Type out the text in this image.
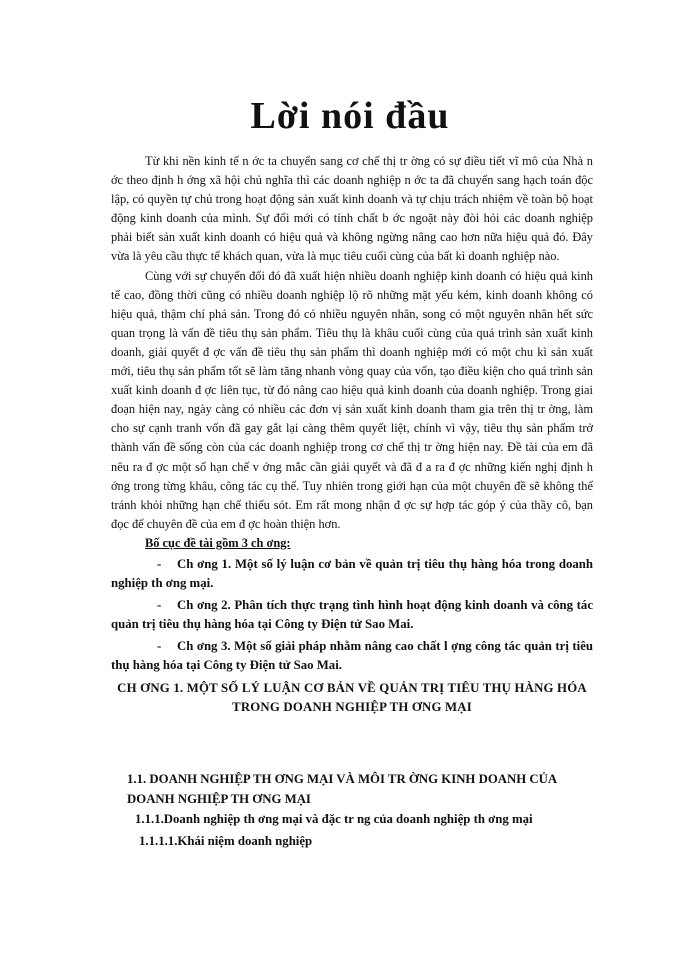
Lời nói đầu

Từ khi nền kinh tế n ớc ta chuyển sang cơ chế thị tr ờng có sự điều tiết vĩ mô của Nhà n ớc theo định h ớng xã hội chủ nghĩa thì các doanh nghiệp n ớc ta đã chuyển sang hạch toán độc lập, có quyền tự chủ trong hoạt động sản xuất kinh doanh và tự chịu trách nhiệm về toàn bộ hoạt động kinh doanh của mình. Sự đổi mới có tính chất b ớc ngoặt này đòi hỏi các doanh nghiệp phải biết sản xuất kinh doanh có hiệu quả và không ngừng nâng cao hơn nữa hiệu quả đó. Đây vừa là yêu cầu thực tế khách quan, vừa là mục tiêu cuối cùng của bất kì doanh nghiệp nào.

Cùng với sự chuyển đổi đó đã xuất hiện nhiều doanh nghiệp kinh doanh có hiệu quả kinh tế cao, đồng thời cũng có nhiều doanh nghiệp lộ rõ những mặt yếu kém, kinh doanh không có hiệu quả, thậm chí phá sản. Trong đó có nhiều nguyên nhân, song có một nguyên nhân hết sức quan trọng là vấn đề tiêu thụ sản phẩm. Tiêu thụ là khâu cuối cùng của quá trình sản xuất kinh doanh, giải quyết đ ợc vấn đề tiêu thụ sản phẩm thì doanh nghiệp mới có một chu kì sản xuất mới, tiêu thụ sản phẩm tốt sẽ làm tăng nhanh vòng quay của vốn, tạo điều kiện cho quá trình sản xuất kinh doanh đ ợc liên tục, từ đó nâng cao hiệu quả kinh doanh của doanh nghiệp. Trong giai đoạn hiện nay, ngày càng có nhiều các đơn vị sản xuất kinh doanh tham gia trên thị tr ờng, làm cho sự cạnh tranh vốn đã gay gắt lại càng thêm quyết liệt, chính vì vậy, tiêu thụ sản phẩm trở thành vấn đề sống còn của các doanh nghiệp trong cơ chế thị tr ờng hiện nay. Đề tài của em đã nêu ra đ ợc một số hạn chế v ớng mắc cần giải quyết và đã đ a ra đ ợc những kiến nghị định h ớng trong từng khâu, công tác cụ thể. Tuy nhiên trong giới hạn của một chuyên đề sẽ không thể tránh khỏi những hạn chế thiếu sót. Em rất mong nhận đ ợc sự hợp tác góp ý của thầy cô, bạn đọc để chuyên đề của em đ ợc hoàn thiện hơn.

Bố cục đề tài gồm 3 ch ơng:
- Ch ơng 1. Một số lý luận cơ bản về quản trị tiêu thụ hàng hóa trong doanh nghiệp th ơng mại.
- Ch ơng 2. Phân tích thực trạng tình hình hoạt động kinh doanh và công tác quản trị tiêu thụ hàng hóa tại Công ty Điện tử Sao Mai.
- Ch ơng 3. Một số giải pháp nhằm nâng cao chất l ợng công tác quản trị tiêu thụ hàng hóa tại Công ty Điện tử Sao Mai.
CH ƠNG 1. MỘT SỐ LÝ LUẬN CƠ BẢN VỀ QUẢN TRỊ TIÊU THỤ HÀNG HÓA TRONG DOANH NGHIỆP TH ƠNG MẠI
1.1. DOANH NGHIỆP TH ƠNG MẠI VÀ MÔI TR ỜNG KINH DOANH CỦA DOANH NGHIỆP TH ƠNG MẠI
1.1.1.Doanh nghiệp th ơng mại và đặc tr ng của doanh nghiệp th ơng mại
1.1.1.1.Khái niệm doanh nghiệp
